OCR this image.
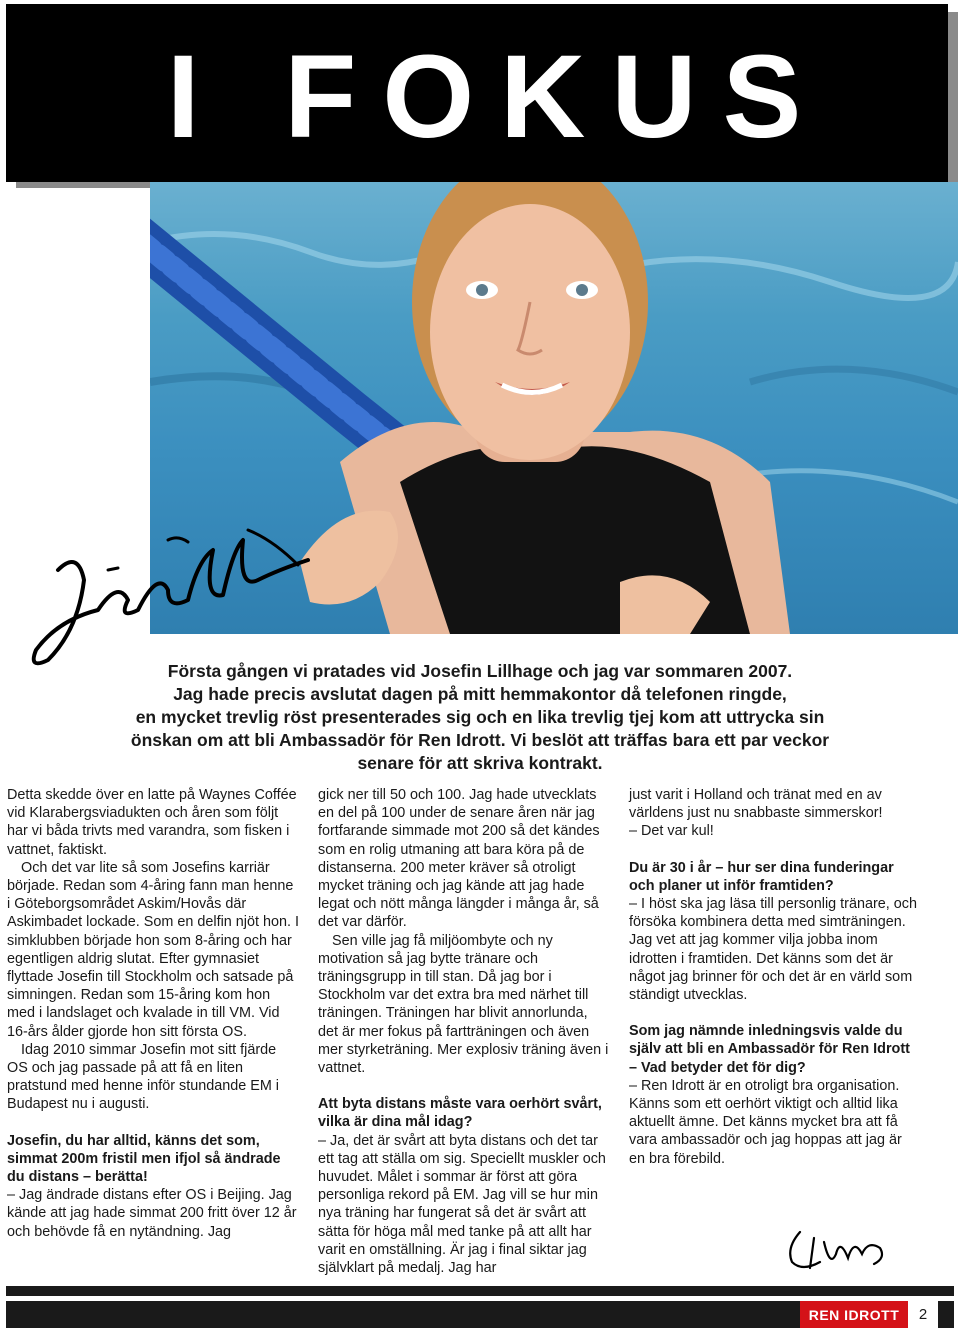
I FOKUS

Första gången vi pratades vid Josefin Lillhage och jag var sommaren 2007.

Jag hade precis avslutat dagen på mitt hemmakontor då telefonen ringde,

en mycket trevlig röst presenterades sig och en lika trevlig tjej kom att uttrycka sin

önskan om att bli Ambassadör för Ren Idrott. Vi beslöt att träffas bara ett par veckor

senare för att skriva kontrakt.

Detta skedde över en latte på Waynes Coffée vid Klarabergsviadukten och åren som följt har vi båda trivts med varandra, som fisken i vattnet, faktiskt.

Och det var lite så som Josefins karriär började. Redan som 4-åring fann man henne i Göteborgsområdet Askim/Hovås där Askimbadet lockade. Som en delfin njöt hon. I simklubben började hon som 8-åring och har egentligen aldrig slutat. Efter gymnasiet flyttade Josefin till Stockholm och satsade på simningen. Redan som 15-åring kom hon med i landslaget och kvalade in till VM. Vid 16-års ålder gjorde hon sitt första OS.

Idag 2010 simmar Josefin mot sitt fjärde OS och jag passade på att få en liten pratstund med henne inför stundande EM i Budapest nu i augusti.

Josefin, du har alltid, känns det som, simmat 200m fristil men ifjol så ändrade du distans – berätta!

– Jag ändrade distans efter OS i Beijing. Jag kände att jag hade simmat 200 fritt över 12 år och behövde få en nytändning. Jag

gick ner till 50 och 100. Jag hade utvecklats en del på 100 under de senare åren när jag fortfarande simmade mot 200 så det kändes som en rolig utmaning att bara köra på de distanserna. 200 meter kräver så otroligt mycket träning och jag kände att jag hade legat och nött många längder i många år, så det var därför.

Sen ville jag få miljöombyte och ny motivation så jag bytte tränare och träningsgrupp in till stan. Då jag bor i Stockholm var det extra bra med närhet till träningen. Träningen har blivit annorlunda, det är mer fokus på fartträningen och även mer styrketräning. Mer explosiv träning även i vattnet.

Att byta distans måste vara oerhört svårt, vilka är dina mål idag?

– Ja, det är svårt att byta distans och det tar ett tag att ställa om sig. Speciellt muskler och huvudet. Målet i sommar är först att göra personliga rekord på EM. Jag vill se hur min nya träning har fungerat så det är svårt att sätta för höga mål med tanke på att allt har varit en omställning. Är jag i final siktar jag självklart på medalj. Jag har

just varit i Holland och tränat med en av världens just nu snabbaste simmerskor!

– Det var kul!

Du är 30 i år – hur ser dina funderingar och planer ut inför framtiden?

– I höst ska jag läsa till personlig tränare, och försöka kombinera detta med simträningen. Jag vet att jag kommer vilja jobba inom idrotten i framtiden. Det känns som det är något jag brinner för och det är en värld som ständigt utvecklas.

Som jag nämnde inledningsvis valde du själv att bli en Ambassadör för Ren Idrott – Vad betyder det för dig?

– Ren Idrott är en otroligt bra organisation. Känns som ett oerhört viktigt och alltid lika aktuellt ämne. Det känns mycket bra att få vara ambassadör och jag hoppas att jag är en bra förebild.

REN IDROTT	2
